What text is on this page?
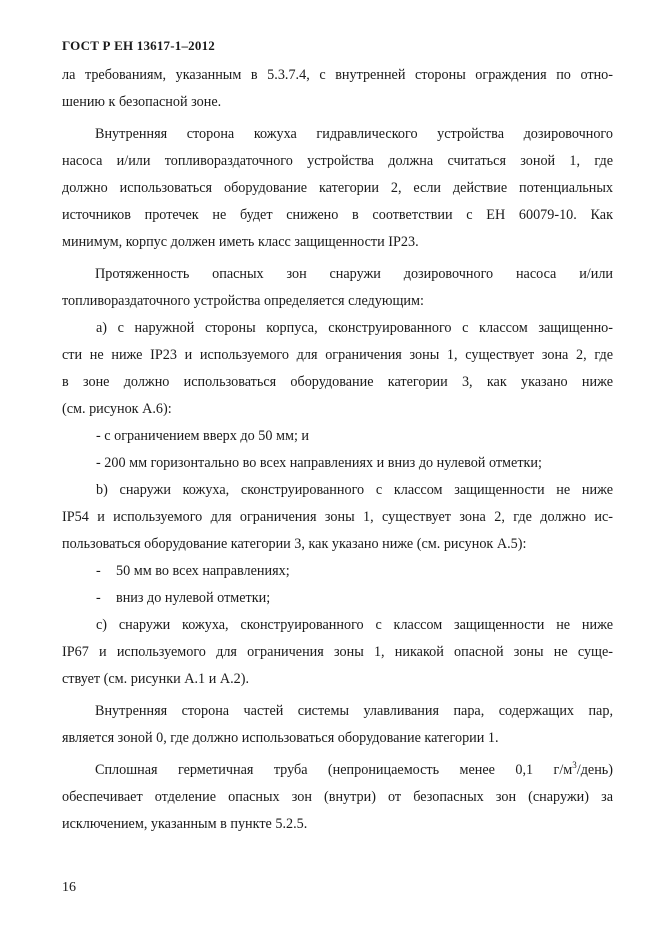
ГОСТ Р ЕН 13617-1–2012
ла требованиям, указанным в 5.3.7.4, с внутренней стороны ограждения по отно-
шению к безопасной зоне.
Внутренняя сторона кожуха гидравлического устройства дозировочного
насоса и/или топливораздаточного устройства должна считаться зоной 1, где
должно использоваться оборудование категории 2, если действие потенциальных
источников протечек не будет снижено в соответствии с ЕН 60079-10. Как
минимум, корпус должен иметь класс защищенности IP23.
Протяженность опасных зон снаружи дозировочного насоса и/или
топливораздаточного устройства определяется следующим:
a) с наружной стороны корпуса, сконструированного с классом защищенно-
сти не ниже IP23 и используемого для ограничения зоны 1, существует зона 2, где
в зоне должно использоваться оборудование категории 3, как указано ниже
(см. рисунок А.6):
- с ограничением вверх до 50 мм; и
- 200 мм горизонтально во всех направлениях и вниз до нулевой отметки;
b) снаружи кожуха, сконструированного с классом защищенности не ниже
IP54 и используемого для ограничения зоны 1, существует зона 2, где должно ис-
пользоваться оборудование категории 3, как указано ниже (см. рисунок А.5):
- 50 мм во всех направлениях;
- вниз до нулевой отметки;
c) снаружи кожуха, сконструированного с классом защищенности не ниже
IP67 и используемого для ограничения зоны 1, никакой опасной зоны не суще-
ствует (см. рисунки А.1 и А.2).
Внутренняя сторона частей системы улавливания пара, содержащих пар,
является зоной 0, где должно использоваться оборудование категории 1.
Сплошная герметичная труба (непроницаемость менее 0,1 $г/м^3/день$)
обеспечивает отделение опасных зон (внутри) от безопасных зон (снаружи) за
исключением, указанным в пункте 5.2.5.
16
